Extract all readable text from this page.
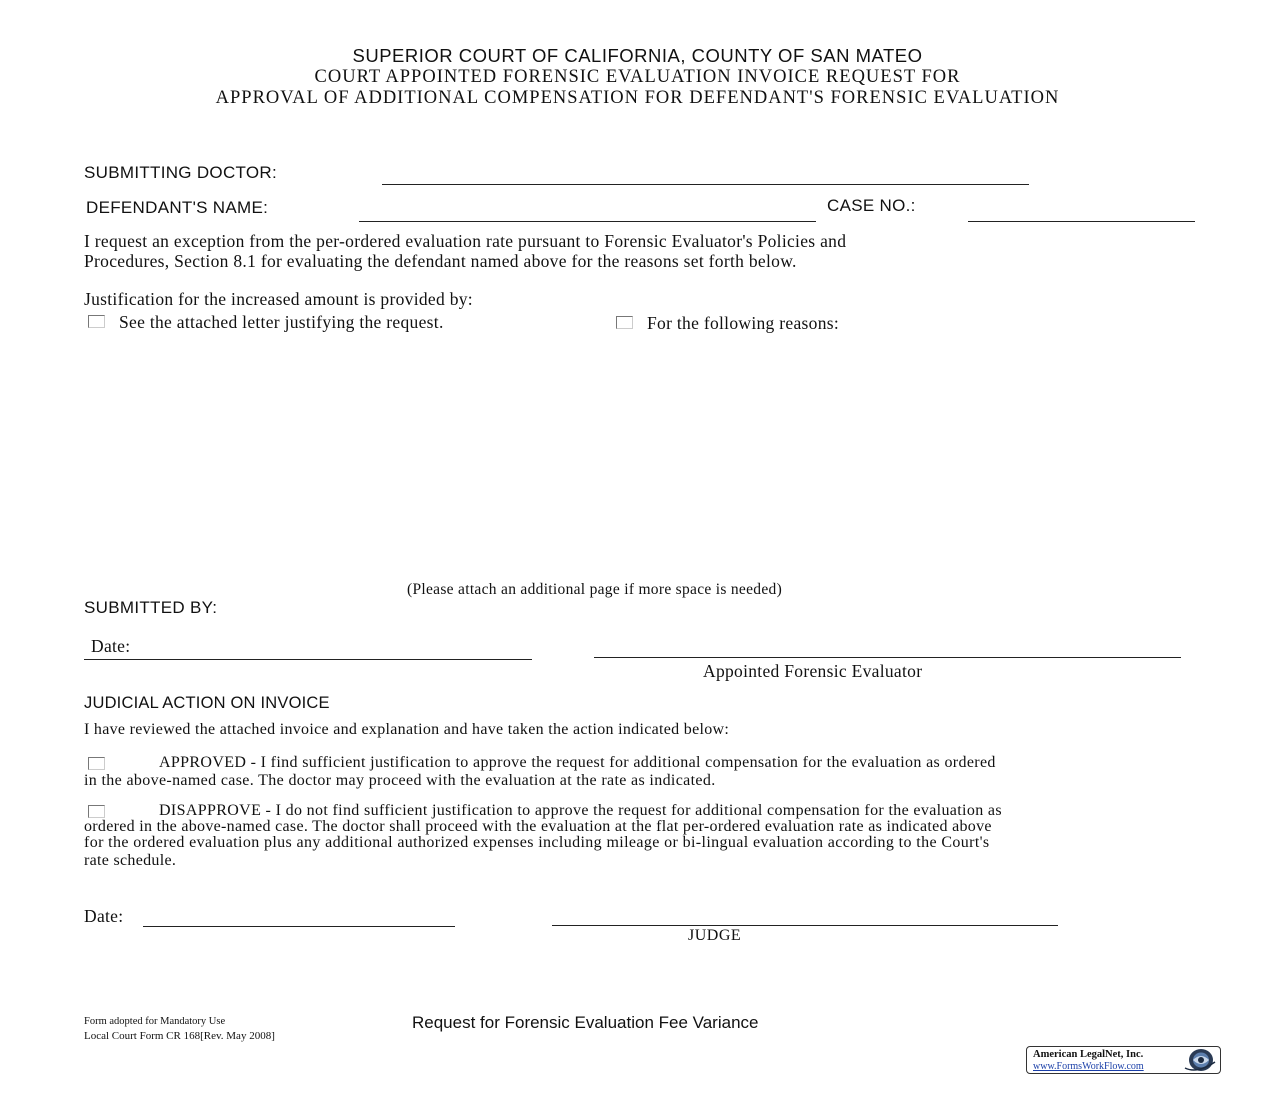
SUPERIOR COURT OF CALIFORNIA, COUNTY OF SAN MATEO
COURT APPOINTED FORENSIC EVALUATION INVOICE REQUEST FOR
APPROVAL OF ADDITIONAL COMPENSATION FOR DEFENDANT'S FORENSIC EVALUATION
SUBMITTING DOCTOR:
DEFENDANT'S NAME:	CASE NO.:
I request an exception from the per-ordered evaluation rate pursuant to Forensic Evaluator's Policies and
Procedures, Section 8.1 for evaluating the defendant named above for the reasons set forth below.
Justification for the increased amount is provided by:
See the attached letter justifying the request.	For the following reasons:
(Please attach an additional page if more space is needed)
SUBMITTED BY:
Date:
Appointed Forensic Evaluator
JUDICIAL ACTION ON INVOICE
I have reviewed the attached invoice and explanation and have taken the action indicated below:
APPROVED - I find sufficient justification to approve the request for additional compensation for the evaluation as ordered
in the above-named case. The doctor may proceed with the evaluation at the rate as indicated.
DISAPPROVE - I do not find sufficient justification to approve the request for additional compensation for the evaluation as
ordered in the above-named case. The doctor shall proceed with the evaluation at the flat per-ordered evaluation rate as indicated above
for the ordered evaluation plus any additional authorized expenses including mileage or bi-lingual evaluation according to the Court's
rate schedule.
Date:
JUDGE
Form adopted for Mandatory Use
Local Court Form CR 168[Rev. May 2008]
Request for Forensic Evaluation Fee Variance
American LegalNet, Inc.
www.FormsWorkFlow.com
